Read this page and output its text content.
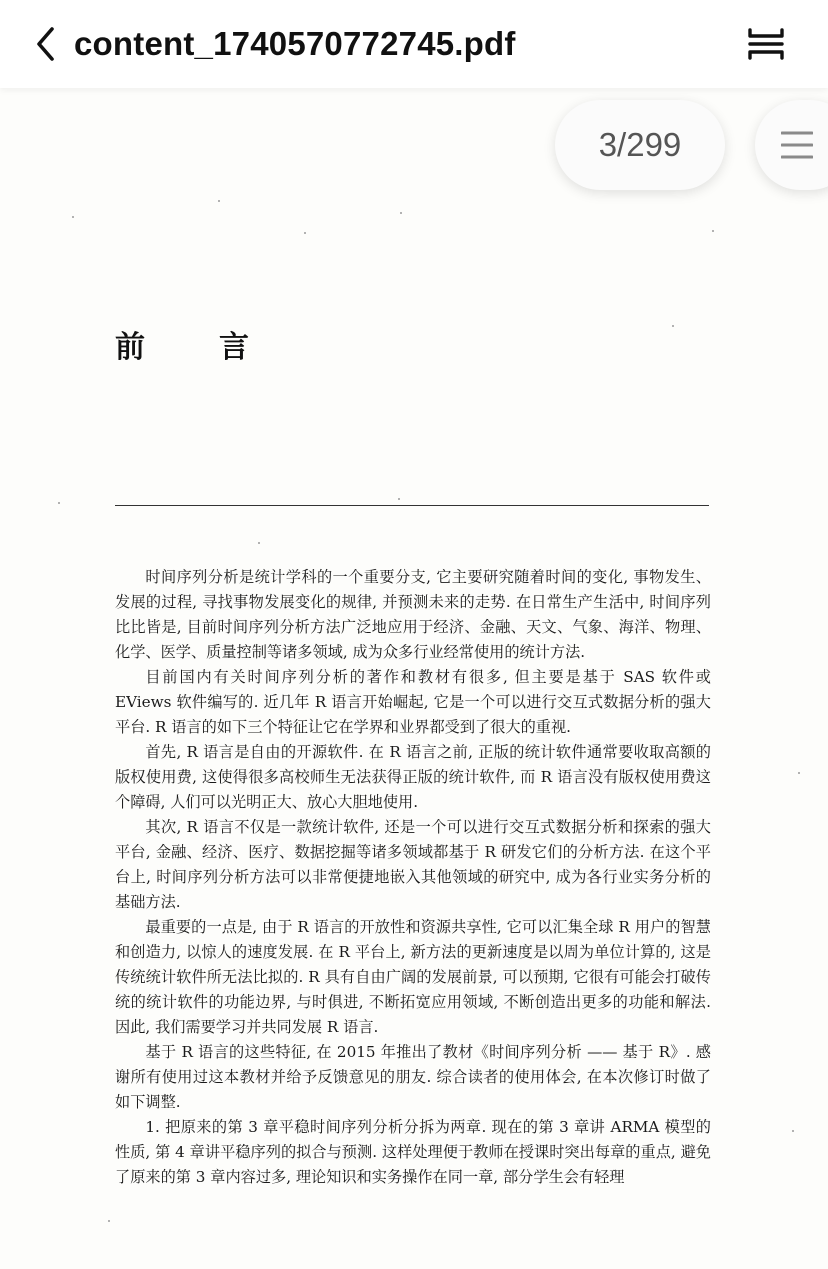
content_1740570772745.pdf
3/299
前　言

时间序列分析是统计学科的一个重要分支, 它主要研究随着时间的变化, 事物发生、发展的过程, 寻找事物发展变化的规律, 并预测未来的走势. 在日常生产生活中, 时间序列比比皆是, 目前时间序列分析方法广泛地应用于经济、金融、天文、气象、海洋、物理、化学、医学、质量控制等诸多领域, 成为众多行业经常使用的统计方法.

目前国内有关时间序列分析的著作和教材有很多, 但主要是基于 SAS 软件或 EViews 软件编写的. 近几年 R 语言开始崛起, 它是一个可以进行交互式数据分析的强大平台. R 语言的如下三个特征让它在学界和业界都受到了很大的重视.

首先, R 语言是自由的开源软件. 在 R 语言之前, 正版的统计软件通常要收取高额的版权使用费, 这使得很多高校师生无法获得正版的统计软件, 而 R 语言没有版权使用费这个障碍, 人们可以光明正大、放心大胆地使用.

其次, R 语言不仅是一款统计软件, 还是一个可以进行交互式数据分析和探索的强大平台, 金融、经济、医疗、数据挖掘等诸多领域都基于 R 研发它们的分析方法. 在这个平台上, 时间序列分析方法可以非常便捷地嵌入其他领域的研究中, 成为各行业实务分析的基础方法.

最重要的一点是, 由于 R 语言的开放性和资源共享性, 它可以汇集全球 R 用户的智慧和创造力, 以惊人的速度发展. 在 R 平台上, 新方法的更新速度是以周为单位计算的, 这是传统统计软件所无法比拟的. R 具有自由广阔的发展前景, 可以预期, 它很有可能会打破传统的统计软件的功能边界, 与时俱进, 不断拓宽应用领域, 不断创造出更多的功能和解法. 因此, 我们需要学习并共同发展 R 语言.

基于 R 语言的这些特征, 在 2015 年推出了教材《时间序列分析 —— 基于 R》. 感谢所有使用过这本教材并给予反馈意见的朋友. 综合读者的使用体会, 在本次修订时做了如下调整.

1. 把原来的第 3 章平稳时间序列分析分拆为两章. 现在的第 3 章讲 ARMA 模型的性质, 第 4 章讲平稳序列的拟合与预测. 这样处理便于教师在授课时突出每章的重点, 避免了原来的第 3 章内容过多, 理论知识和实务操作在同一章, 部分学生会有轻理
